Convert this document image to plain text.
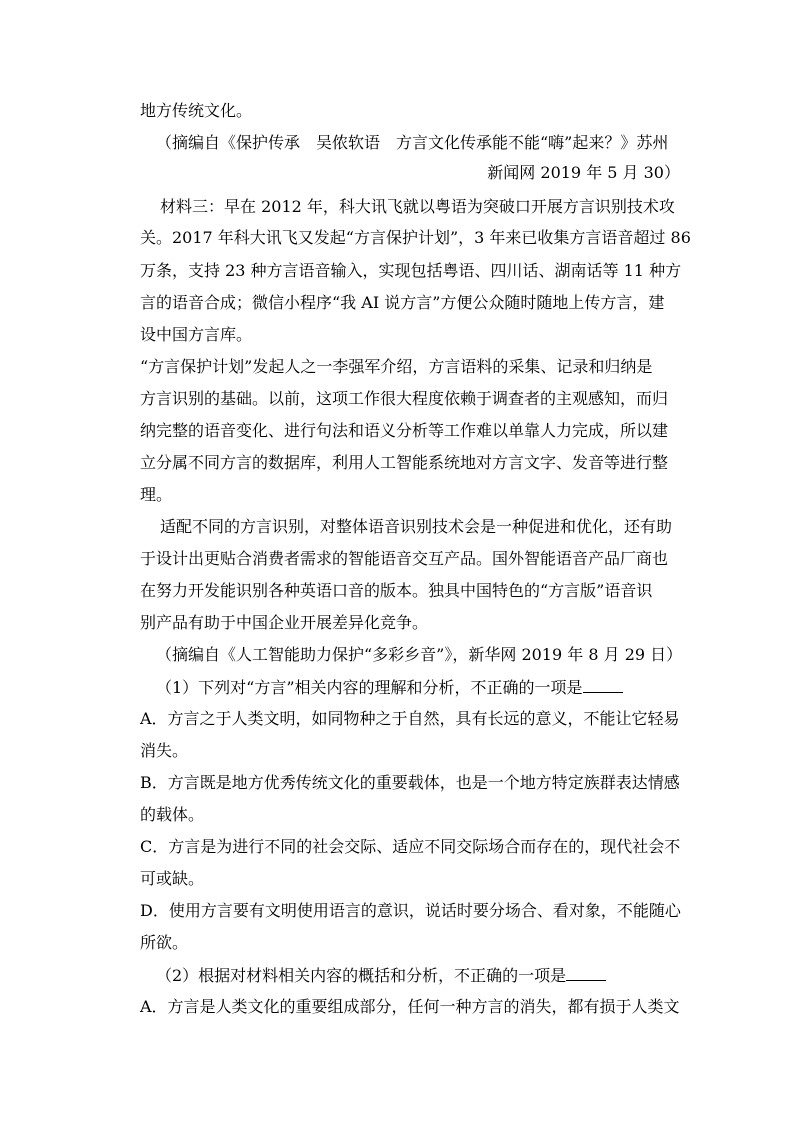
地方传统文化。
（摘编自《保护传承　吴侬软语　方言文化传承能不能“嗨”起来？》苏州
新闻网 2019 年 5 月 30）
材料三：早在 2012 年，科大讯飞就以粤语为突破口开展方言识别技术攻
关。2017 年科大讯飞又发起“方言保护计划”，3 年来已收集方言语音超过 86
万条，支持 23 种方言语音输入，实现包括粤语、四川话、湖南话等 11 种方
言的语音合成；微信小程序“我 AI 说方言”方便公众随时随地上传方言，建
设中国方言库。
“方言保护计划”发起人之一李强军介绍，方言语料的采集、记录和归纳是
方言识别的基础。以前，这项工作很大程度依赖于调查者的主观感知，而归
纳完整的语音变化、进行句法和语义分析等工作难以单靠人力完成，所以建
立分属不同方言的数据库，利用人工智能系统地对方言文字、发音等进行整
理。
适配不同的方言识别，对整体语音识别技术会是一种促进和优化，还有助
于设计出更贴合消费者需求的智能语音交互产品。国外智能语音产品厂商也
在努力开发能识别各种英语口音的版本。独具中国特色的“方言版”语音识
别产品有助于中国企业开展差异化竞争。
（摘编自《人工智能助力保护“多彩乡音”》，新华网 2019 年 8 月 29 日）
（1）下列对“方言”相关内容的理解和分析，不正确的一项是
A．方言之于人类文明，如同物种之于自然，具有长远的意义，不能让它轻易
消失。
B．方言既是地方优秀传统文化的重要载体，也是一个地方特定族群表达情感
的载体。
C．方言是为进行不同的社会交际、适应不同交际场合而存在的，现代社会不
可或缺。
D．使用方言要有文明使用语言的意识，说话时要分场合、看对象，不能随心
所欲。
（2）根据对材料相关内容的概括和分析，不正确的一项是
A．方言是人类文化的重要组成部分，任何一种方言的消失，都有损于人类文
